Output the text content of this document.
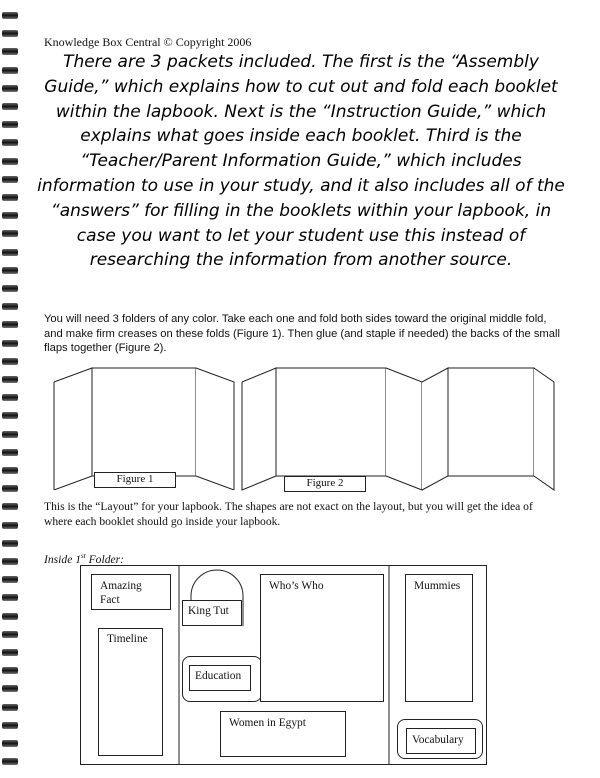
Knowledge Box Central © Copyright 2006
There are 3 packets included. The first is the “Assembly Guide,” which explains how to cut out and fold each booklet within the lapbook. Next is the “Instruction Guide,” which explains what goes inside each booklet. Third is the “Teacher/Parent Information Guide,” which includes information to use in your study, and it also includes all of the “answers” for filling in the booklets within your lapbook, in case you want to let your student use this instead of researching the information from another source.
You will need 3 folders of any color. Take each one and fold both sides toward the original middle fold, and make firm creases on these folds (Figure 1). Then glue (and staple if needed) the backs of the small flaps together (Figure 2).
Figure 1	Figure 2
This is the “Layout” for your lapbook. The shapes are not exact on the layout, but you will get the idea of where each booklet should go inside your lapbook.
Inside 1st Folder:
Amazing Fact
Timeline
King Tut
Education
Who’s Who
Women in Egypt
Mummies
Vocabulary
